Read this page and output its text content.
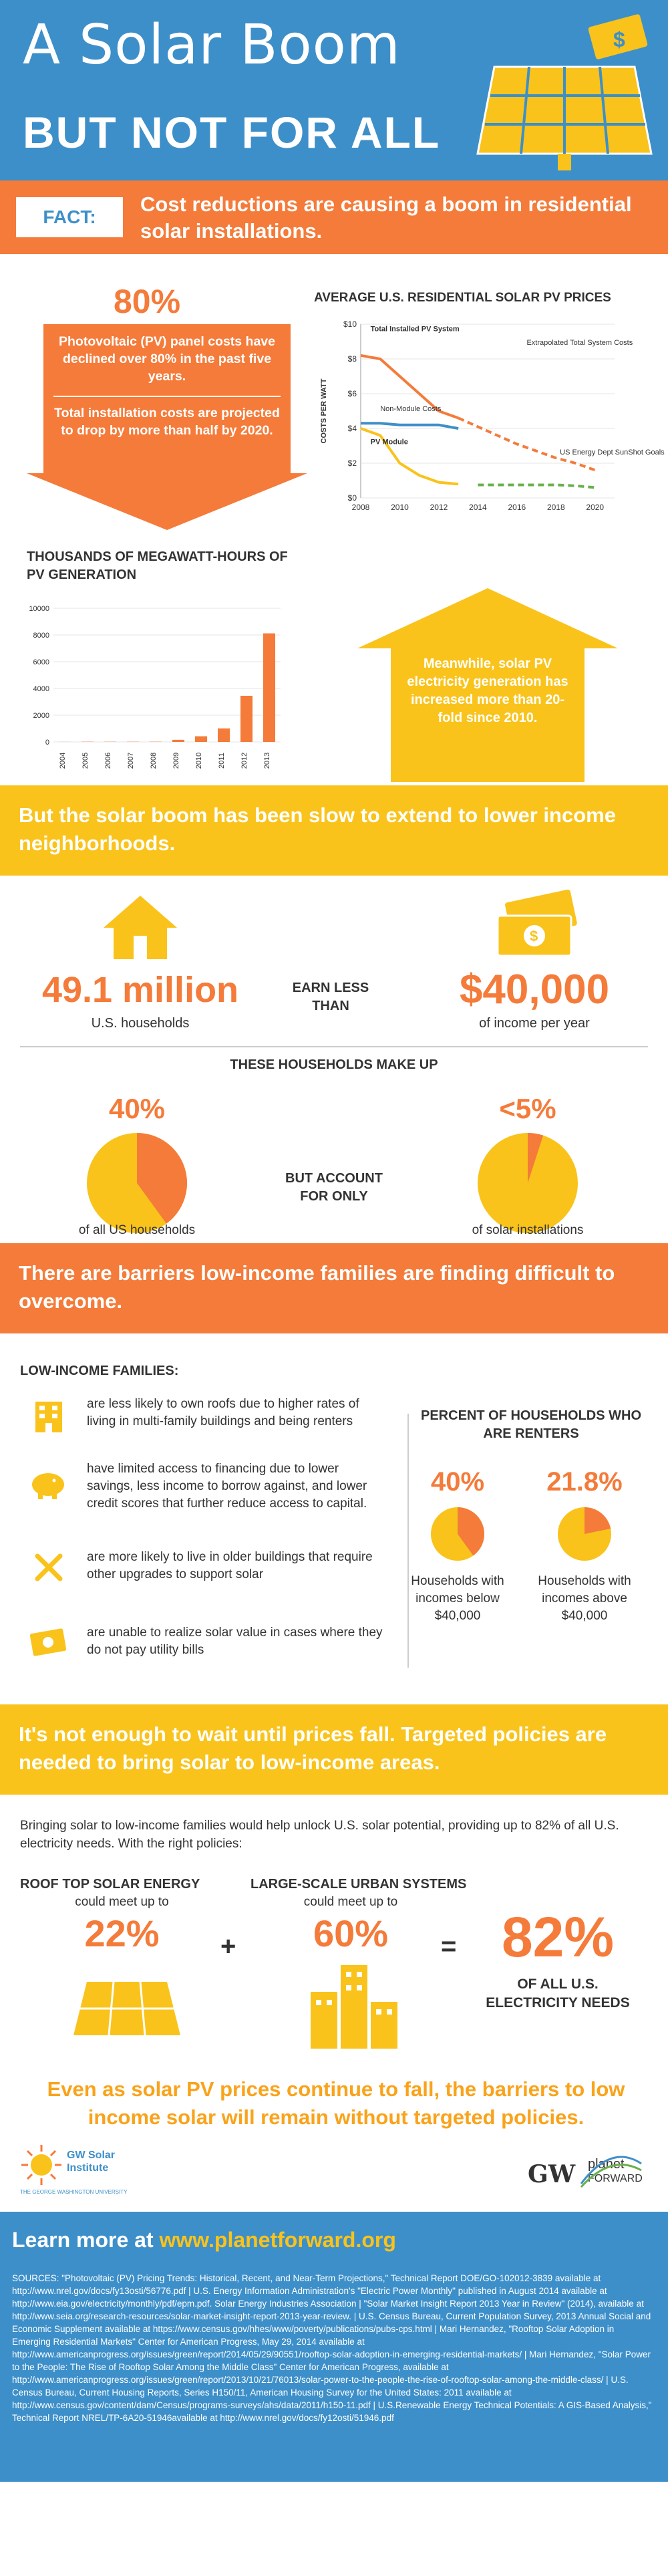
A Solar Boom
BUT NOT FOR ALL
$
FACT:
Cost reductions are causing a boom in residential solar installations.
80%
Photovoltaic (PV) panel costs have declined over 80% in the past five years.
Total installation costs are projected to drop by more than half by 2020.
AVERAGE U.S. RESIDENTIAL SOLAR PV PRICES
$10
$8
$6
$4
$2
$0
2008	2010	2012	2014	2016	2018	2020
COSTS PER WATT
Total Installed PV System
Non-Module Costs
PV Module
Extrapolated Total System Costs
US Energy Dept SunShot Goals
THOUSANDS OF MEGAWATT-HOURS OF PV GENERATION
0
2000
4000
6000
8000
10000
2004 2005 2006 2007 2008 2009 2010 2011 2012 2013
Meanwhile, solar PV electricity generation has increased more than 20-fold since 2010.
20x
But the solar boom has been slow to extend to lower income neighborhoods.
49.1 million
U.S. households
EARN LESS THAN
$
$40,000
of income per year
THESE HOUSEHOLDS MAKE UP
40%
of all US households
BUT ACCOUNT FOR ONLY
<5%
of solar installations
There are barriers low-income families are finding difficult to overcome.
LOW-INCOME FAMILIES:
are less likely to own roofs due to higher rates of living in multi-family buildings and being renters
have limited access to financing due to lower savings, less income to borrow against, and lower credit scores that further reduce access to capital.
are more likely to live in older buildings that require other upgrades to support solar
are unable to realize solar value in cases where they do not pay utility bills
PERCENT OF HOUSEHOLDS WHO ARE RENTERS
40%
Households with incomes below $40,000
21.8%
Households with incomes above $40,000
It's not enough to wait until prices fall. Targeted policies are needed to bring solar to low-income areas.
Bringing solar to low-income families would help unlock U.S. solar potential, providing up to 82% of all U.S. electricity needs. With the right policies:
ROOF TOP SOLAR ENERGY
could meet up to
22%	+
LARGE-SCALE URBAN SYSTEMS
could meet up to
60%	= 82%
OF ALL U.S. ELECTRICITY NEEDS
Even as solar PV prices continue to fall, the barriers to low income solar will remain without targeted policies.
GW Solar Institute
THE GEORGE WASHINGTON UNIVERSITY
GW planet
FORWARD
Learn more at www.planetforward.org
SOURCES: "Photovoltaic (PV) Pricing Trends: Historical, Recent, and Near-Term Projections," Technical Report DOE/GO-102012-3839 available at http://www.nrel.gov/docs/fy13osti/56776.pdf | U.S. Energy Information Administration's "Electric Power Monthly" published in August 2014 available at http://www.eia.gov/electricity/monthly/pdf/epm.pdf. Solar Energy Industries Association | "Solar Market Insight Report 2013 Year in Review" (2014), available at http://www.seia.org/research-resources/solar-market-insight-report-2013-year-review. | U.S. Census Bureau, Current Population Survey, 2013 Annual Social and Economic Supplement available at https://www.census.gov/hhes/www/poverty/publications/pubs-cps.html | Mari Hernandez, "Rooftop Solar Adoption in Emerging Residential Markets" Center for American Progress, May 29, 2014 available at http://www.americanprogress.org/issues/green/report/2014/05/29/90551/rooftop-solar-adoption-in-emerging-residential-markets/ | Mari Hernandez, "Solar Power to the People: The Rise of Rooftop Solar Among the Middle Class" Center for American Progress, available at http://www.americanprogress.org/issues/green/report/2013/10/21/76013/solar-power-to-the-people-the-rise-of-rooftop-solar-among-the-middle-class/ | U.S. Census Bureau, Current Housing Reports, Series H150/11, American Housing Survey for the United States: 2011 available at http://www.census.gov/content/dam/Census/programs-surveys/ahs/data/2011/h150-11.pdf | U.S.Renewable Energy Technical Potentials: A GIS-Based Analysis," Technical Report NREL/TP-6A20-51946available at http://www.nrel.gov/docs/fy12osti/51946.pdf
